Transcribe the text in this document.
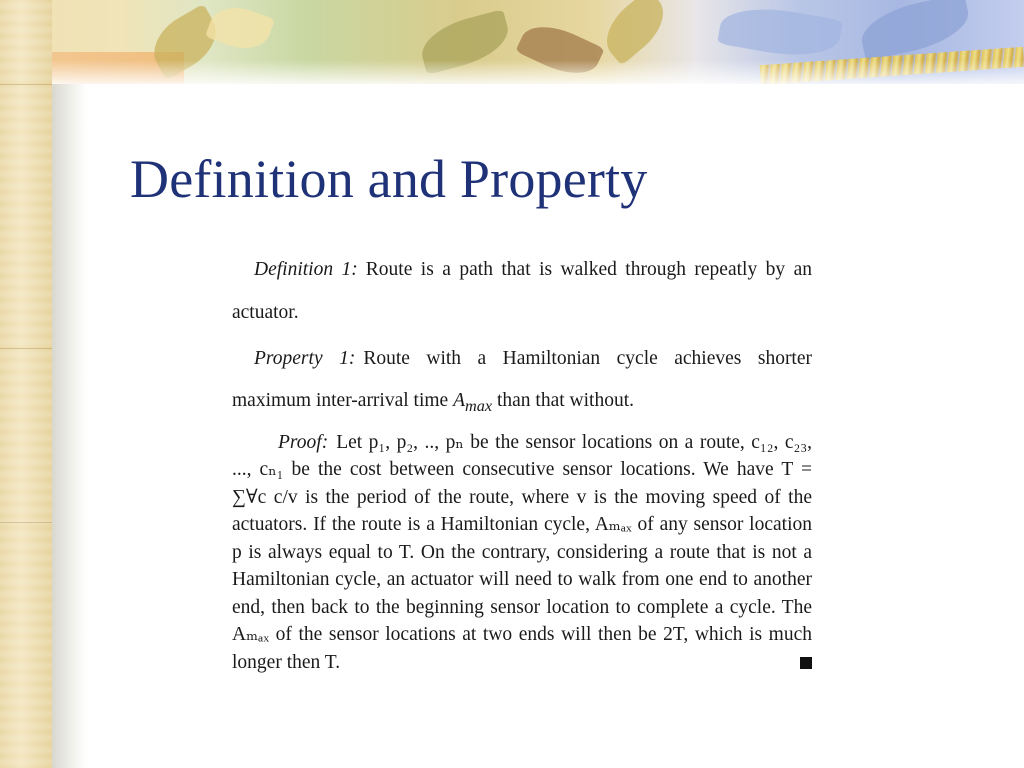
Definition and Property

Definition 1: Route is a path that is walked through repeatly by an actuator.

Property 1: Route with a Hamiltonian cycle achieves shorter maximum inter-arrival time $A_{max}$ than that without.

Proof: Let p₁, p₂, .., pₙ be the sensor locations on a route, c₁₂, c₂₃, ..., cₙ₁ be the cost between consecutive sensor locations. We have T = ∑∀c c/v is the period of the route, where v is the moving speed of the actuators. If the route is a Hamiltonian cycle, Aₘₐₓ of any sensor location p is always equal to T. On the contrary, considering a route that is not a Hamiltonian cycle, an actuator will need to walk from one end to another end, then back to the beginning sensor location to complete a cycle. The Aₘₐₓ of the sensor locations at two ends will then be 2T, which is much longer then T.
